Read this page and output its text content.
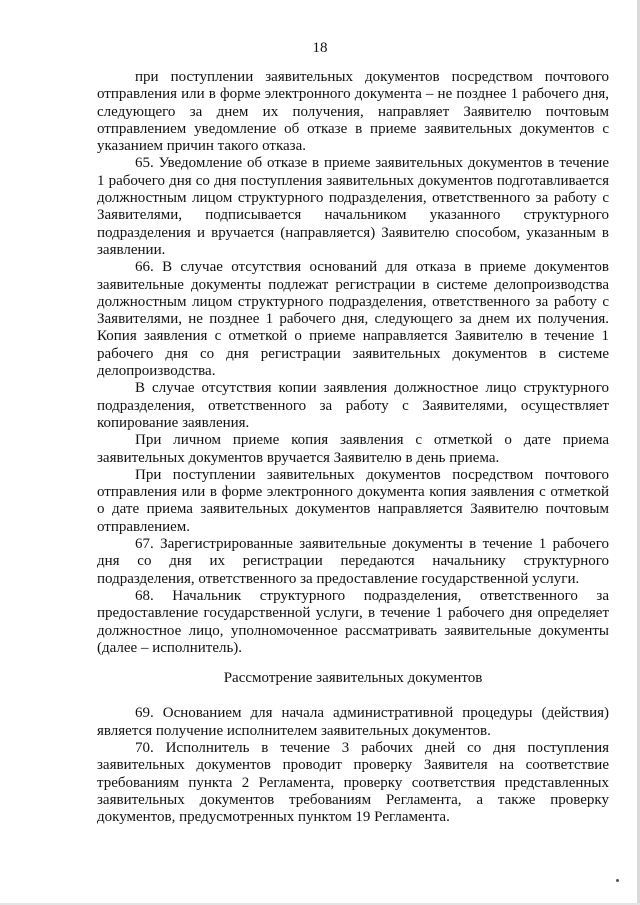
18

при поступлении заявительных документов посредством почтового отправления или в форме электронного документа – не позднее 1 рабочего дня, следующего за днем их получения, направляет Заявителю почтовым отправлением уведомление об отказе в приеме заявительных документов с указанием причин такого отказа.

65. Уведомление об отказе в приеме заявительных документов в течение 1 рабочего дня со дня поступления заявительных документов подготавливается должностным лицом структурного подразделения, ответственного за работу с Заявителями, подписывается начальником указанного структурного подразделения и вручается (направляется) Заявителю способом, указанным в заявлении.

66. В случае отсутствия оснований для отказа в приеме документов заявительные документы подлежат регистрации в системе делопроизводства должностным лицом структурного подразделения, ответственного за работу с Заявителями, не позднее 1 рабочего дня, следующего за днем их получения. Копия заявления с отметкой о приеме направляется Заявителю в течение 1 рабочего дня со дня регистрации заявительных документов в системе делопроизводства.

В случае отсутствия копии заявления должностное лицо структурного подразделения, ответственного за работу с Заявителями, осуществляет копирование заявления.

При личном приеме копия заявления с отметкой о дате приема заявительных документов вручается Заявителю в день приема.

При поступлении заявительных документов посредством почтового отправления или в форме электронного документа копия заявления с отметкой о дате приема заявительных документов направляется Заявителю почтовым отправлением.

67. Зарегистрированные заявительные документы в течение 1 рабочего дня со дня их регистрации передаются начальнику структурного подразделения, ответственного за предоставление государственной услуги.

68. Начальник структурного подразделения, ответственного за предоставление государственной услуги, в течение 1 рабочего дня определяет должностное лицо, уполномоченное рассматривать заявительные документы (далее – исполнитель).

Рассмотрение заявительных документов

69. Основанием для начала административной процедуры (действия) является получение исполнителем заявительных документов.

70. Исполнитель в течение 3 рабочих дней со дня поступления заявительных документов проводит проверку Заявителя на соответствие требованиям пункта 2 Регламента, проверку соответствия представленных заявительных документов требованиям Регламента, а также проверку документов, предусмотренных пунктом 19 Регламента.
